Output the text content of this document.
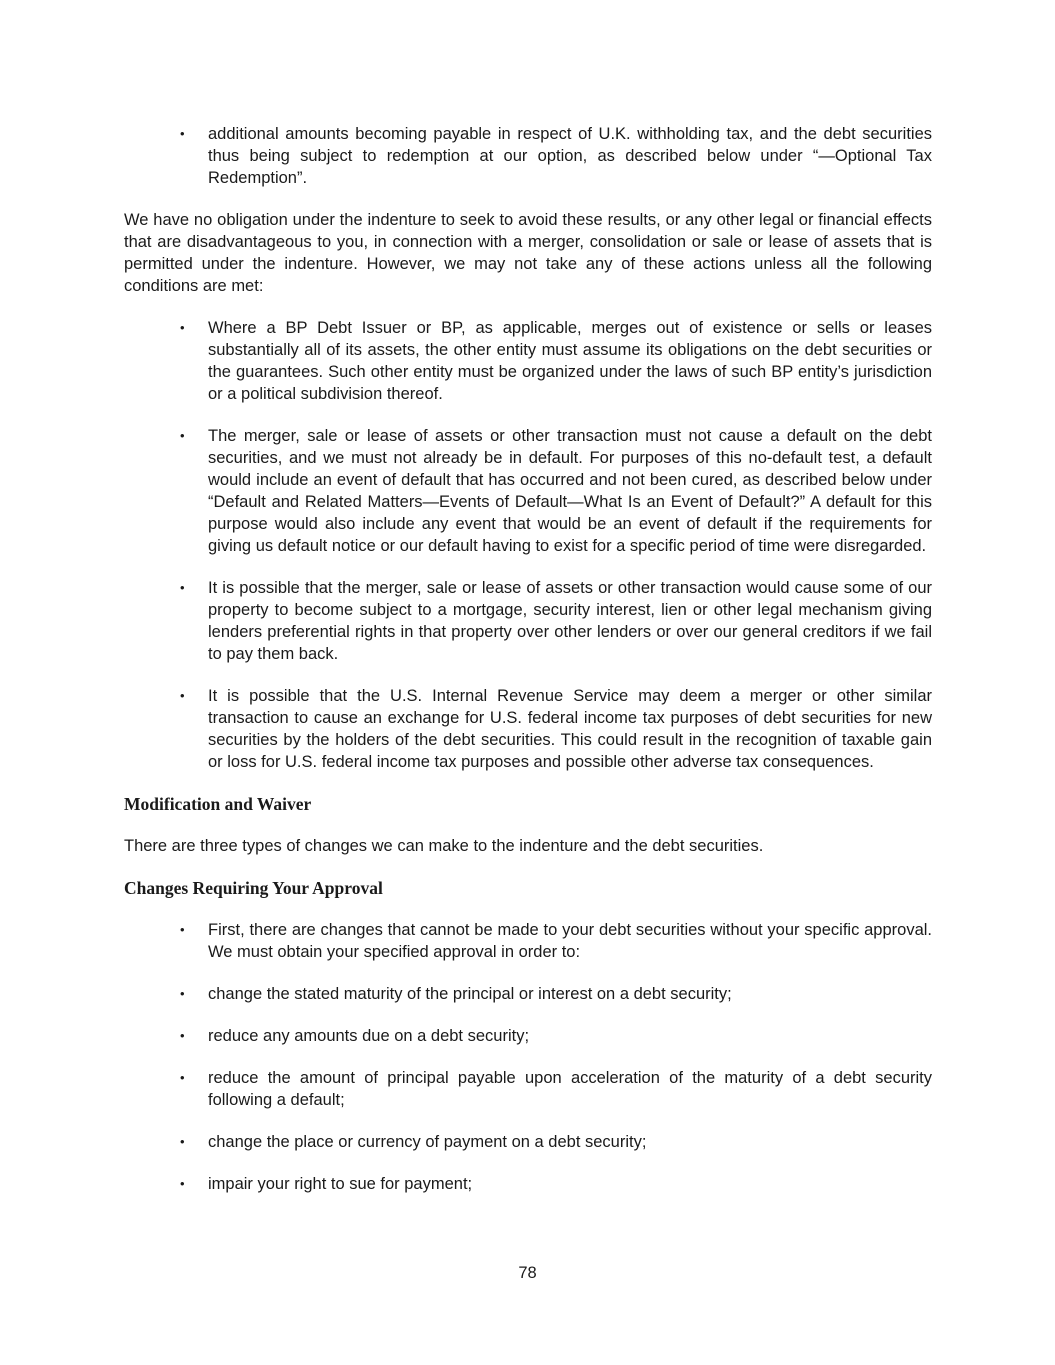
• additional amounts becoming payable in respect of U.K. withholding tax, and the debt securities thus being subject to redemption at our option, as described below under “—Optional Tax Redemption”.

We have no obligation under the indenture to seek to avoid these results, or any other legal or financial effects that are disadvantageous to you, in connection with a merger, consolidation or sale or lease of assets that is permitted under the indenture. However, we may not take any of these actions unless all the following conditions are met:

• Where a BP Debt Issuer or BP, as applicable, merges out of existence or sells or leases substantially all of its assets, the other entity must assume its obligations on the debt securities or the guarantees. Such other entity must be organized under the laws of such BP entity’s jurisdiction or a political subdivision thereof.
• The merger, sale or lease of assets or other transaction must not cause a default on the debt securities, and we must not already be in default. For purposes of this no-default test, a default would include an event of default that has occurred and not been cured, as described below under “Default and Related Matters—Events of Default—What Is an Event of Default?” A default for this purpose would also include any event that would be an event of default if the requirements for giving us default notice or our default having to exist for a specific period of time were disregarded.
• It is possible that the merger, sale or lease of assets or other transaction would cause some of our property to become subject to a mortgage, security interest, lien or other legal mechanism giving lenders preferential rights in that property over other lenders or over our general creditors if we fail to pay them back.
• It is possible that the U.S. Internal Revenue Service may deem a merger or other similar transaction to cause an exchange for U.S. federal income tax purposes of debt securities for new securities by the holders of the debt securities. This could result in the recognition of taxable gain or loss for U.S. federal income tax purposes and possible other adverse tax consequences.
Modification and Waiver

There are three types of changes we can make to the indenture and the debt securities.

Changes Requiring Your Approval
• First, there are changes that cannot be made to your debt securities without your specific approval. We must obtain your specified approval in order to:
• change the stated maturity of the principal or interest on a debt security;
• reduce any amounts due on a debt security;
• reduce the amount of principal payable upon acceleration of the maturity of a debt security following a default;
• change the place or currency of payment on a debt security;
• impair your right to sue for payment;
78
